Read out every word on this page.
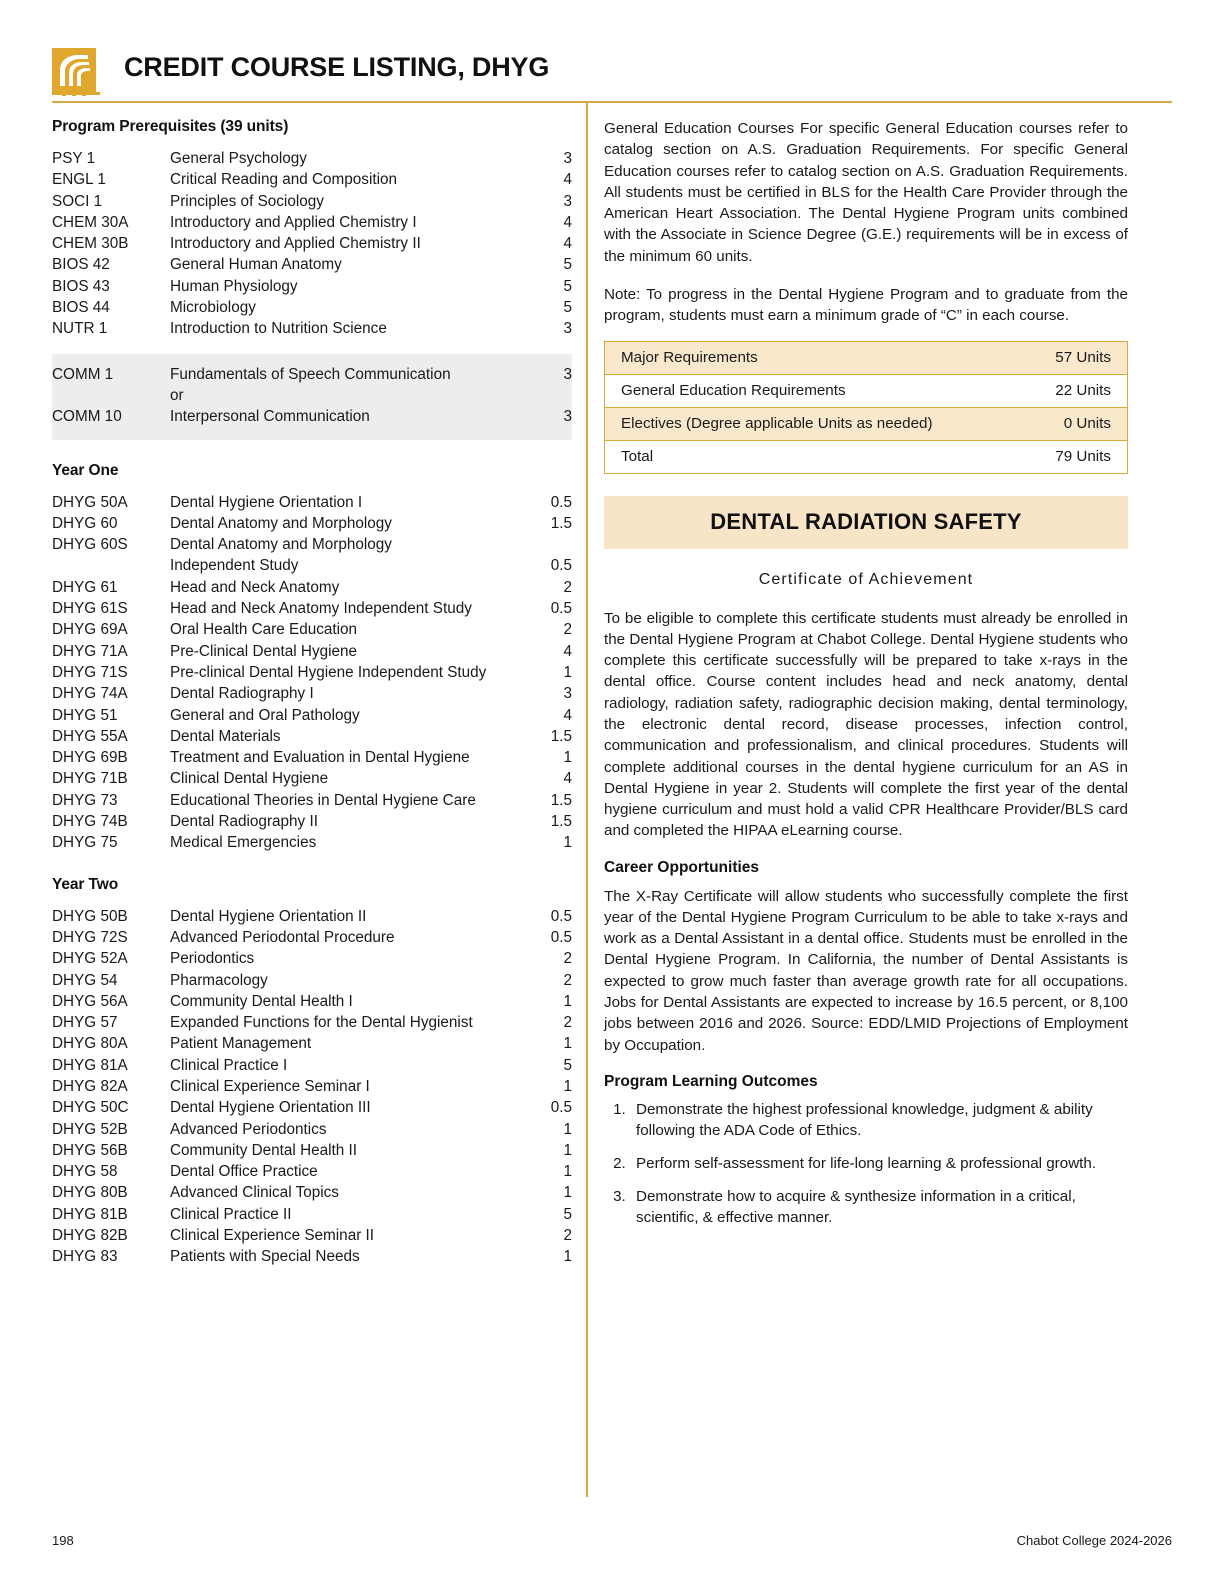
CREDIT COURSE LISTING, DHYG
Program Prerequisites (39 units)
PSY 1	General Psychology	3
ENGL 1	Critical Reading and Composition	4
SOCI 1	Principles of Sociology	3
CHEM 30A	Introductory and Applied Chemistry I	4
CHEM 30B	Introductory and Applied Chemistry II	4
BIOS 42	General Human Anatomy	5
BIOS 43	Human Physiology	5
BIOS 44	Microbiology	5
NUTR 1	Introduction to Nutrition Science	3
COMM 1	Fundamentals of Speech Communication	3
	or	
COMM 10	Interpersonal Communication	3
Year One
DHYG 50A	Dental Hygiene Orientation I	0.5
DHYG 60	Dental Anatomy and Morphology	1.5
DHYG 60S	Dental Anatomy and Morphology	
	Independent Study	0.5
DHYG 61	Head and Neck Anatomy	2
DHYG 61S	Head and Neck Anatomy Independent Study	0.5
DHYG 69A	Oral Health Care Education	2
DHYG 71A	Pre-Clinical Dental Hygiene	4
DHYG 71S	Pre-clinical Dental Hygiene Independent Study	1
DHYG 74A	Dental Radiography I	3
DHYG 51	General and Oral Pathology	4
DHYG 55A	Dental Materials	1.5
DHYG 69B	Treatment and Evaluation in Dental Hygiene	1
DHYG 71B	Clinical Dental Hygiene	4
DHYG 73	Educational Theories in Dental Hygiene Care	1.5
DHYG 74B	Dental Radiography II	1.5
DHYG 75	Medical Emergencies	1
Year Two
DHYG 50B	Dental Hygiene Orientation II	0.5
DHYG 72S	Advanced Periodontal Procedure	0.5
DHYG 52A	Periodontics	2
DHYG 54	Pharmacology	2
DHYG 56A	Community Dental Health I	1
DHYG 57	Expanded Functions for the Dental Hygienist	2
DHYG 80A	Patient Management	1
DHYG 81A	Clinical Practice I	5
DHYG 82A	Clinical Experience Seminar I	1
DHYG 50C	Dental Hygiene Orientation III	0.5
DHYG 52B	Advanced Periodontics	1
DHYG 56B	Community Dental Health II	1
DHYG 58	Dental Office Practice	1
DHYG 80B	Advanced Clinical Topics	1
DHYG 81B	Clinical Practice II	5
DHYG 82B	Clinical Experience Seminar II	2
DHYG 83	Patients with Special Needs	1

General Education Courses For specific General Education courses refer to catalog section on A.S. Graduation Requirements. For specific General Education courses refer to catalog section on A.S. Graduation Requirements. All students must be certified in BLS for the Health Care Provider through the American Heart Association. The Dental Hygiene Program units combined with the Associate in Science Degree (G.E.) requirements will be in excess of the minimum 60 units.

Note: To progress in the Dental Hygiene Program and to graduate from the program, students must earn a minimum grade of “C” in each course.

Major Requirements	57 Units
General Education Requirements	22 Units
Electives (Degree applicable Units as needed)	0 Units
Total	79 Units
DENTAL RADIATION SAFETY
Certificate of Achievement

To be eligible to complete this certificate students must already be enrolled in the Dental Hygiene Program at Chabot College. Dental Hygiene students who complete this certificate successfully will be prepared to take x-rays in the dental office. Course content includes head and neck anatomy, dental radiology, radiation safety, radiographic decision making, dental terminology, the electronic dental record, disease processes, infection control, communication and professionalism, and clinical procedures. Students will complete additional courses in the dental hygiene curriculum for an AS in Dental Hygiene in year 2. Students will complete the first year of the dental hygiene curriculum and must hold a valid CPR Healthcare Provider/BLS card and completed the HIPAA eLearning course.

Career Opportunities

The X-Ray Certificate will allow students who successfully complete the first year of the Dental Hygiene Program Curriculum to be able to take x-rays and work as a Dental Assistant in a dental office. Students must be enrolled in the Dental Hygiene Program. In California, the number of Dental Assistants is expected to grow much faster than average growth rate for all occupations. Jobs for Dental Assistants are expected to increase by 16.5 percent, or 8,100 jobs between 2016 and 2026. Source: EDD/LMID Projections of Employment by Occupation.

Program Learning Outcomes
1. Demonstrate the highest professional knowledge, judgment & ability following the ADA Code of Ethics.
2. Perform self-assessment for life-long learning & professional growth.
3. Demonstrate how to acquire & synthesize information in a critical, scientific, & effective manner.
198	Chabot College 2024-2026
